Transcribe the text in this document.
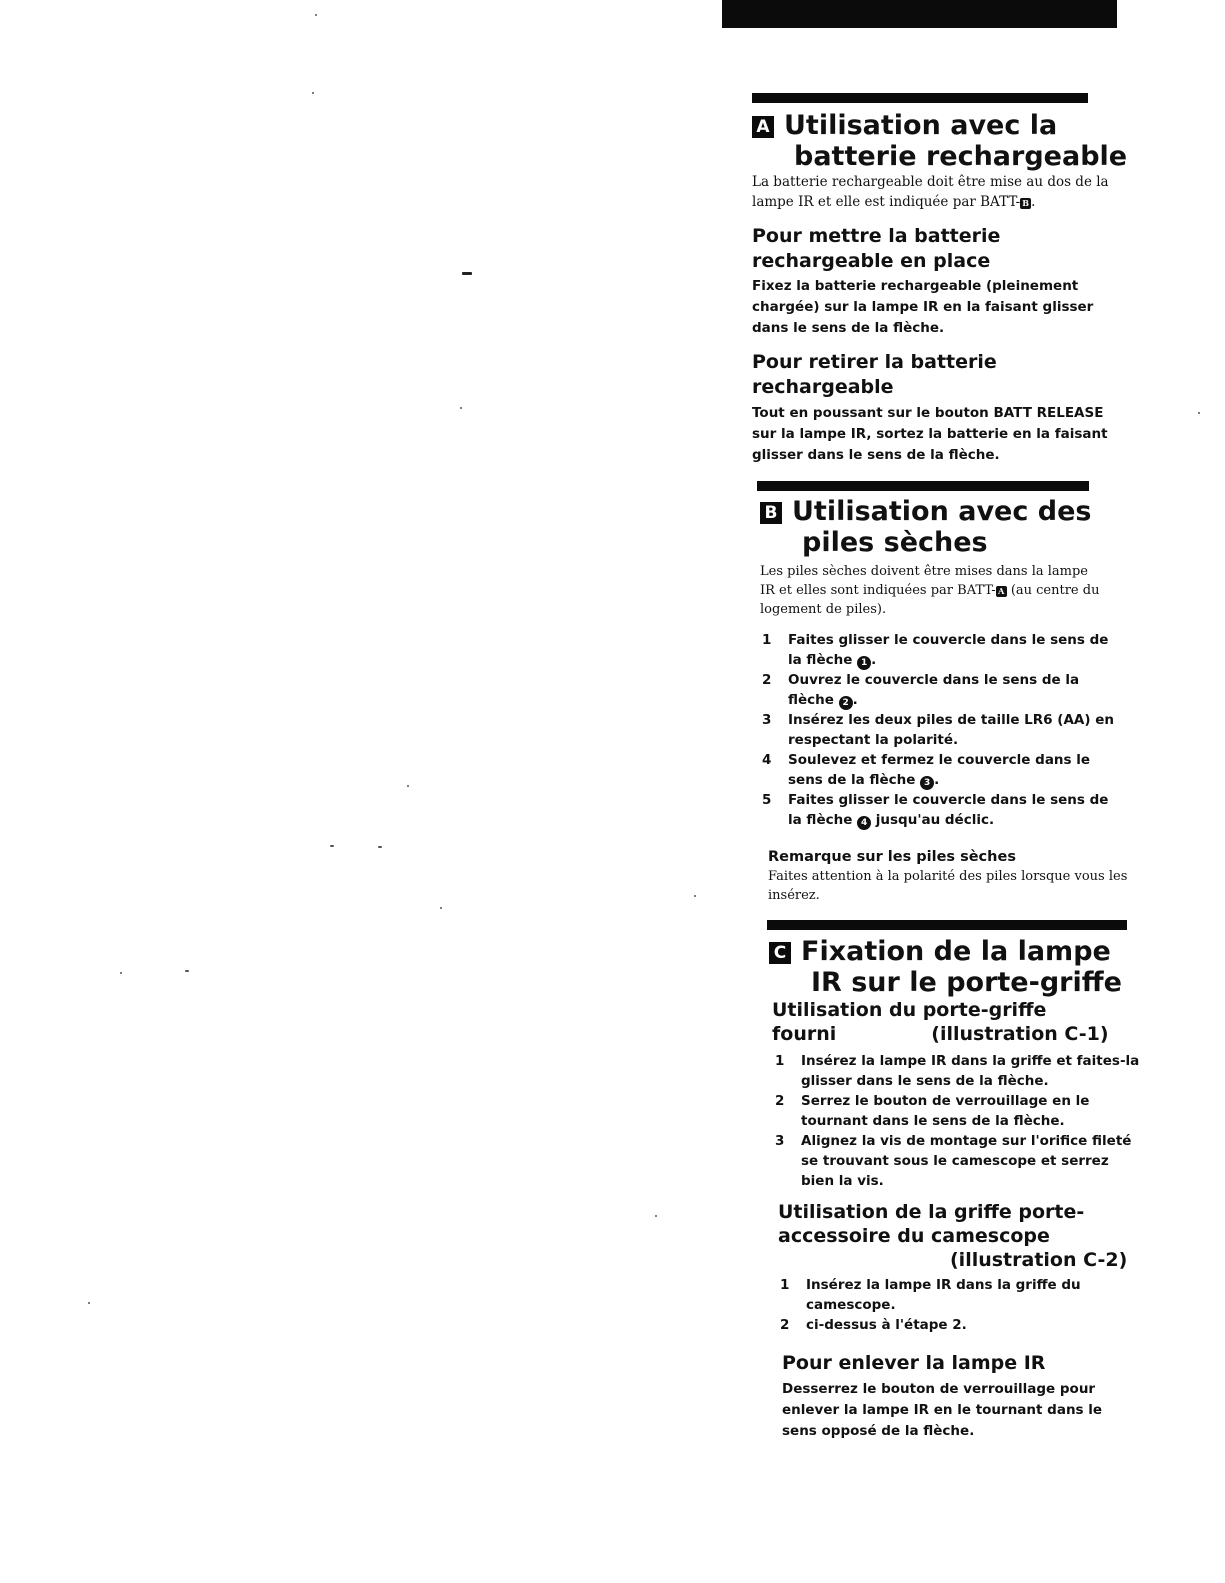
A Utilisation avec la
batterie rechargeable

La batterie rechargeable doit être mise au dos de la
lampe IR et elle est indiquée par BATT- B .

Pour mettre la batterie
rechargeable en place

Fixez la batterie rechargeable (pleinement chargée) sur la lampe IR en la faisant glisser dans le sens de la flèche.

Pour retirer la batterie
rechargeable

Tout en poussant sur le bouton BATT RELEASE sur la lampe IR, sortez la batterie en la faisant glisser dans le sens de la flèche.

B Utilisation avec des
piles sèches

Les piles sèches doivent être mises dans la lampe IR et elles sont indiquées par BATT- A (au centre du logement de piles).

1 Faites glisser le couvercle dans le sens de la flèche 1 .
2 Ouvrez le couvercle dans le sens de la flèche 2 .
3 Insérez les deux piles de taille LR6 (AA) en respectant la polarité.
4 Soulevez et fermez le couvercle dans le sens de la flèche 3 .
5 Faites glisser le couvercle dans le sens de la flèche 4 jusqu'au déclic.
Remarque sur les piles sèches

Faites attention à la polarité des piles lorsque vous les insérez.

C Fixation de la lampe
IR sur le porte-griffe
Utilisation du porte-griffe
fourni	(illustration C-1)
1 Insérez la lampe IR dans la griffe et faites-la glisser dans le sens de la flèche.
2 Serrez le bouton de verrouillage en le tournant dans le sens de la flèche.
3 Alignez la vis de montage sur l'orifice fileté se trouvant sous le camescope et serrez bien la vis.
Utilisation de la griffe porte-
accessoire du camescope
(illustration C-2)
1 Insérez la lampe IR dans la griffe du camescope.
2 ci-dessus à l'étape 2.
Pour enlever la lampe IR

Desserrez le bouton de verrouillage pour enlever la lampe IR en le tournant dans le sens opposé de la flèche.
